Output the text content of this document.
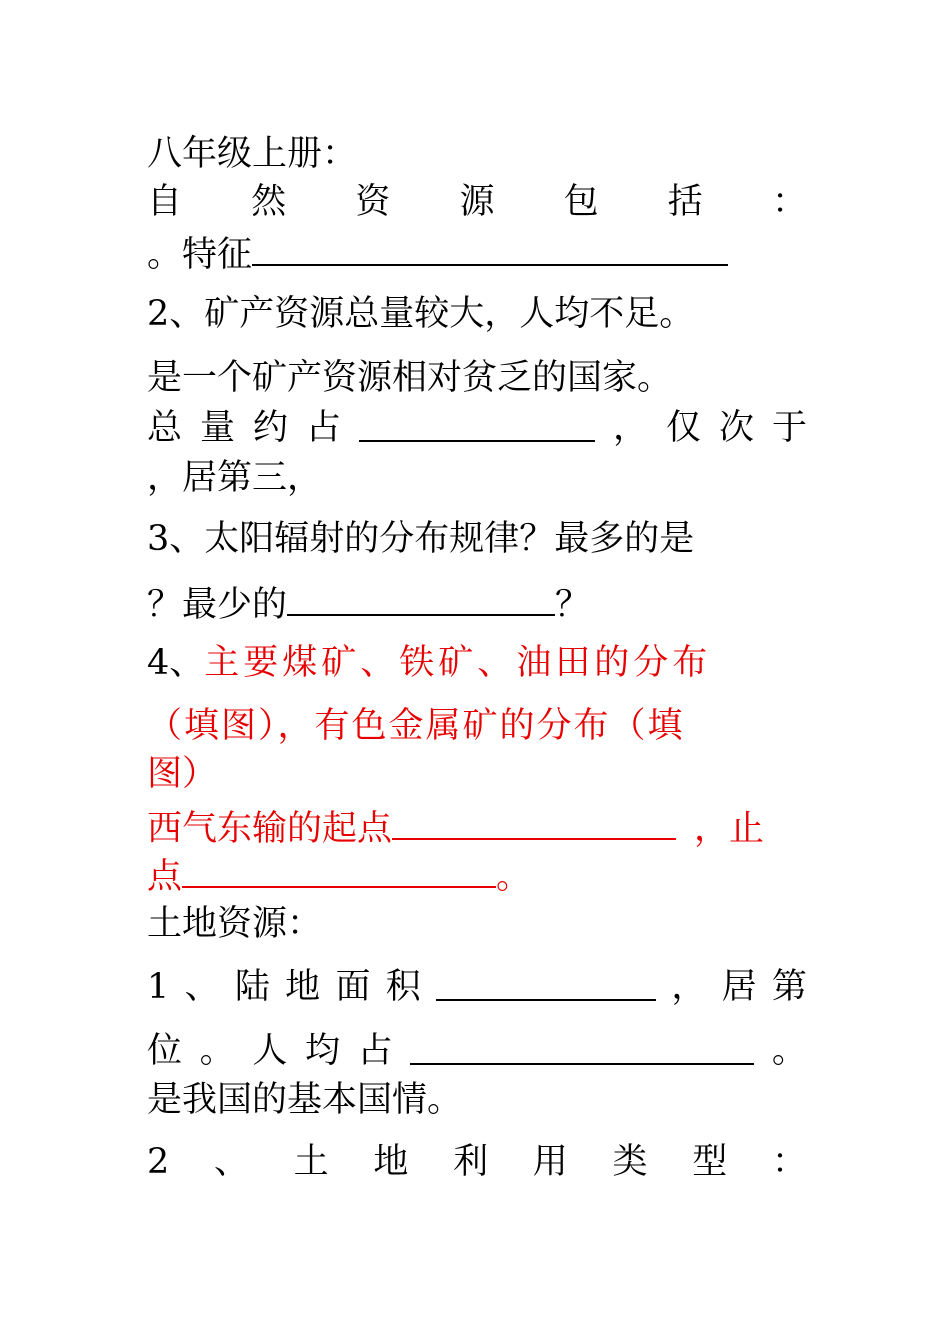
八年级上册：
自 然 资 源 包 括 ：
。特征
2、矿产资源总量较大，人均不足。
是一个矿产资源相对贫乏的国家。
总 量 约 占	， 仅 次 于
，居第三，
3、太阳辐射的分布规律？最多的是
？最少的	？
4、主要煤矿、铁矿、油田的分布
（填图），有色金属矿的分布（填
图）
西气东输的起点	，止
点	。
土地资源：
1 、 陆 地 面 积	， 居 第
位 。 人 均 占	。
是我国的基本国情。
2 、 土 地 利 用 类 型 ：
